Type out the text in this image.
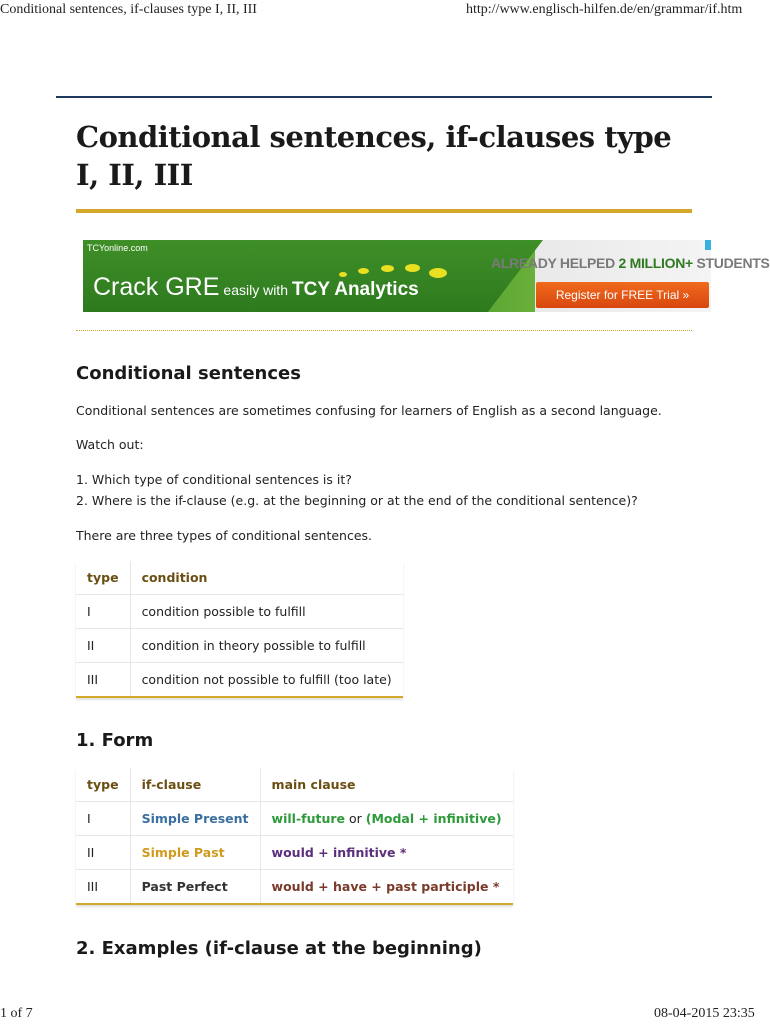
Conditional sentences, if-clauses type I, II, III	http://www.englisch-hilfen.de/en/grammar/if.htm
Conditional sentences, if-clauses type I, II, III
TCYonline.com
Crack GRE easily with TCY Analytics
ALREADY HELPED 2 MILLION+ STUDENTS
Register for FREE Trial »
Conditional sentences

Conditional sentences are sometimes confusing for learners of English as a second language.

Watch out:

1. Which type of conditional sentences is it?

2. Where is the if-clause (e.g. at the beginning or at the end of the conditional sentence)?

There are three types of conditional sentences.

type	condition
I	condition possible to fulfill
II	condition in theory possible to fulfill
III	condition not possible to fulfill (too late)
1. Form
type	if-clause	main clause
I	Simple Present	will-future or (Modal + infinitive)
II	Simple Past	would + infinitive *
III	Past Perfect	would + have + past participle *
2. Examples (if-clause at the beginning)
1 of 7	08-04-2015 23:35
